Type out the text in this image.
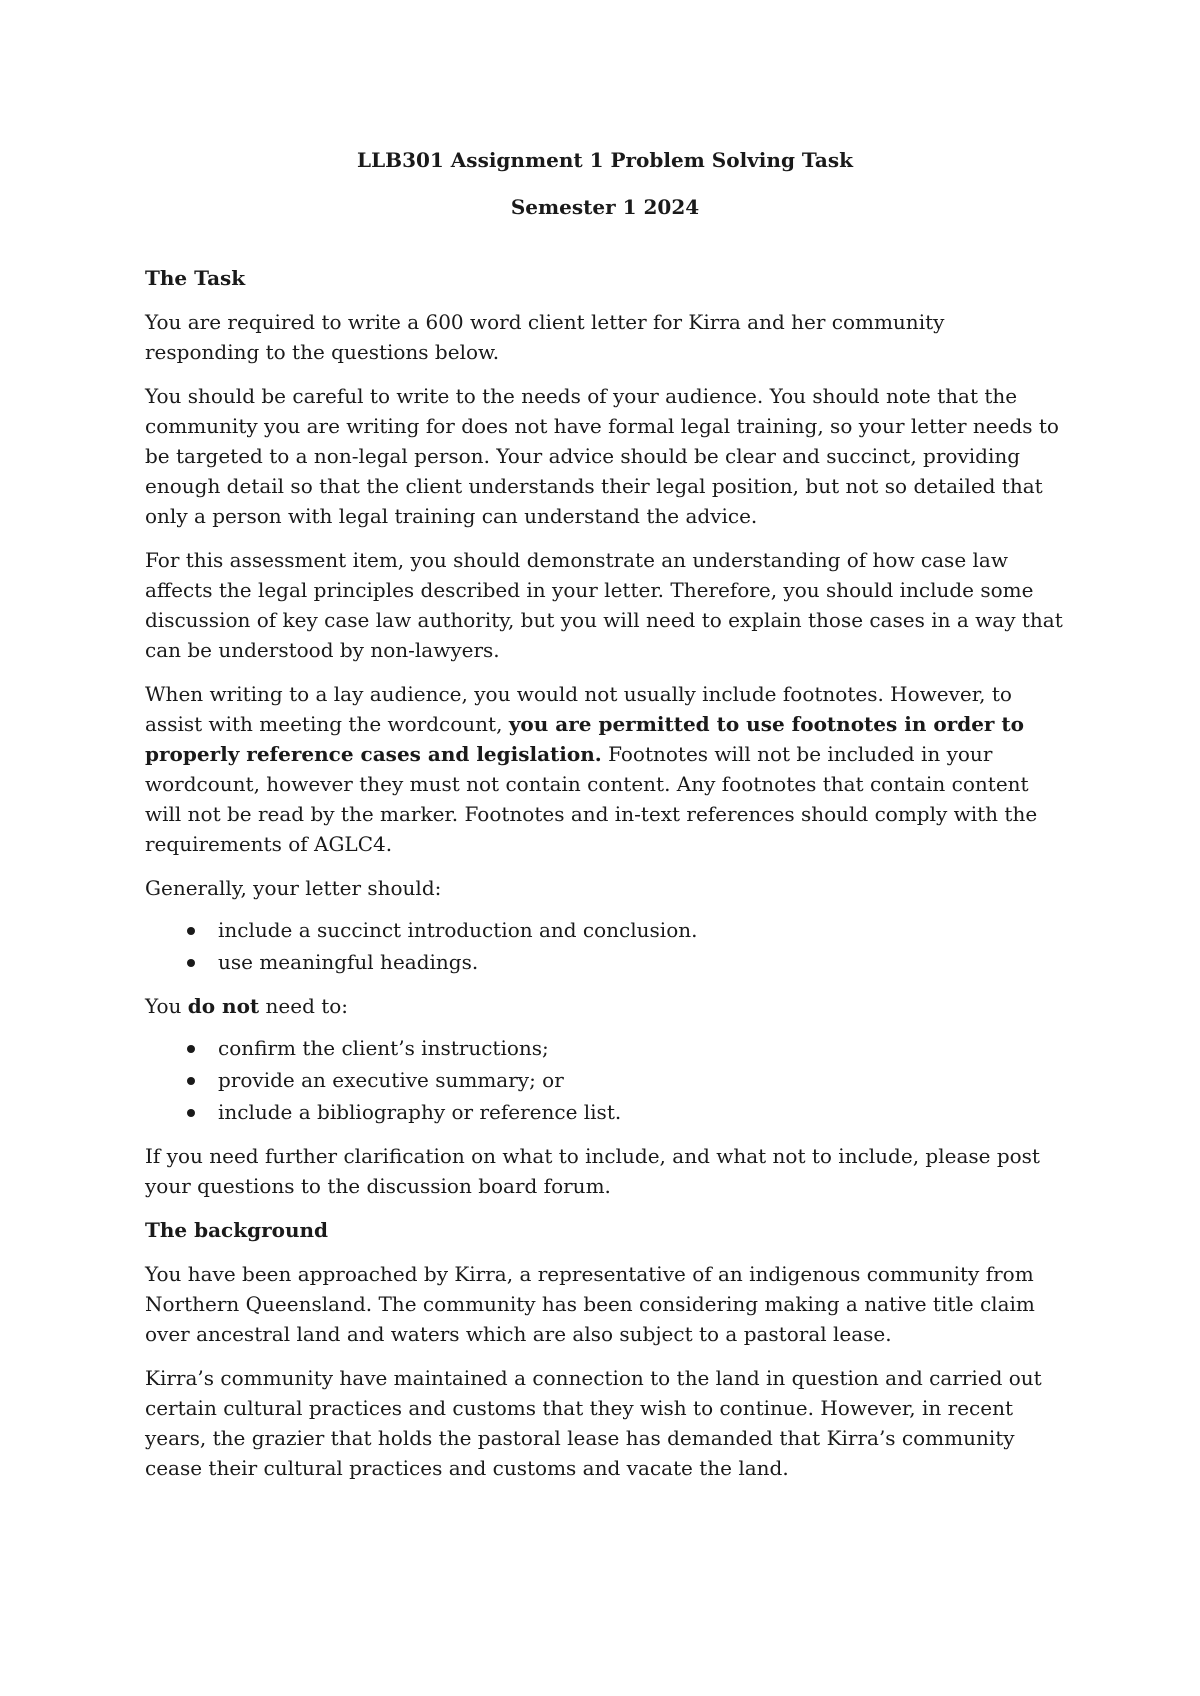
LLB301 Assignment 1 Problem Solving Task

Semester 1 2024

The Task

You are required to write a 600 word client letter for Kirra and her community responding to the questions below.

You should be careful to write to the needs of your audience. You should note that the community you are writing for does not have formal legal training, so your letter needs to be targeted to a non-legal person. Your advice should be clear and succinct, providing enough detail so that the client understands their legal position, but not so detailed that only a person with legal training can understand the advice.

For this assessment item, you should demonstrate an understanding of how case law affects the legal principles described in your letter. Therefore, you should include some discussion of key case law authority, but you will need to explain those cases in a way that can be understood by non-lawyers.

When writing to a lay audience, you would not usually include footnotes. However, to assist with meeting the wordcount, you are permitted to use footnotes in order to properly reference cases and legislation. Footnotes will not be included in your wordcount, however they must not contain content. Any footnotes that contain content will not be read by the marker. Footnotes and in-text references should comply with the requirements of AGLC4.

Generally, your letter should:

include a succinct introduction and conclusion.
use meaningful headings.

You do not need to:

confirm the client’s instructions;
provide an executive summary; or
include a bibliography or reference list.

If you need further clarification on what to include, and what not to include, please post your questions to the discussion board forum.

The background

You have been approached by Kirra, a representative of an indigenous community from Northern Queensland. The community has been considering making a native title claim over ancestral land and waters which are also subject to a pastoral lease.

Kirra’s community have maintained a connection to the land in question and carried out certain cultural practices and customs that they wish to continue. However, in recent years, the grazier that holds the pastoral lease has demanded that Kirra’s community cease their cultural practices and customs and vacate the land.
